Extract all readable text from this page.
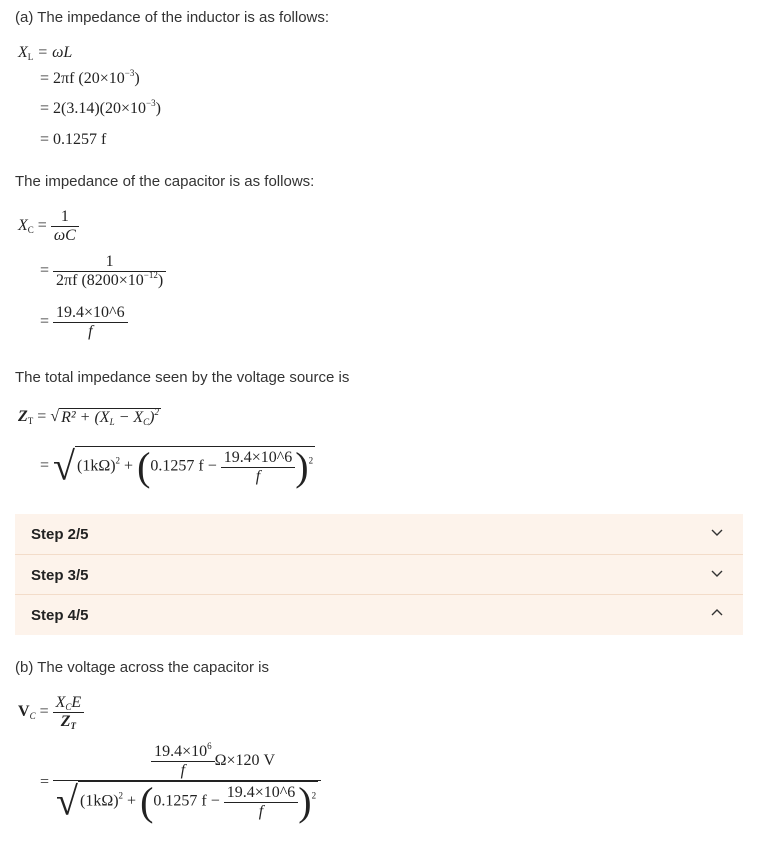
(a) The impedance of the inductor is as follows:
$X_L = \omega L$
= 2πf $(20\times 10^{-3})$
= $2(3.14)(20\times 10^{-3})$
= 0.1257 f
The impedance of the capacitor is as follows:
$X_C = \frac{1}{\omega C}$
= $\frac{1}{2\pi f (8200\times 10^{-12})}$
= $\frac{19.4\times 10\^{}6}{f}$
The total impedance seen by the voltage source is
$Z_T$ = √ $R^2 + (X_L - X_C)^2$
= √ $(1k\Omega)^2 + (0.1257$ $f - \frac{19.4\times 10\^{}6}{f} )^2$
Step 2/5
Step 3/5
Step 4/5
(b) The voltage across the capacitor is
$V_C = \frac{X_CE}{Z_T}$
=
$\frac{19.4\times 10^6}{f} \Omega\times 120$ V
√ $(1k\Omega)^2 + (0.1257$ $f - \frac{19.4\times 10\^{}6}{f} )^2$
